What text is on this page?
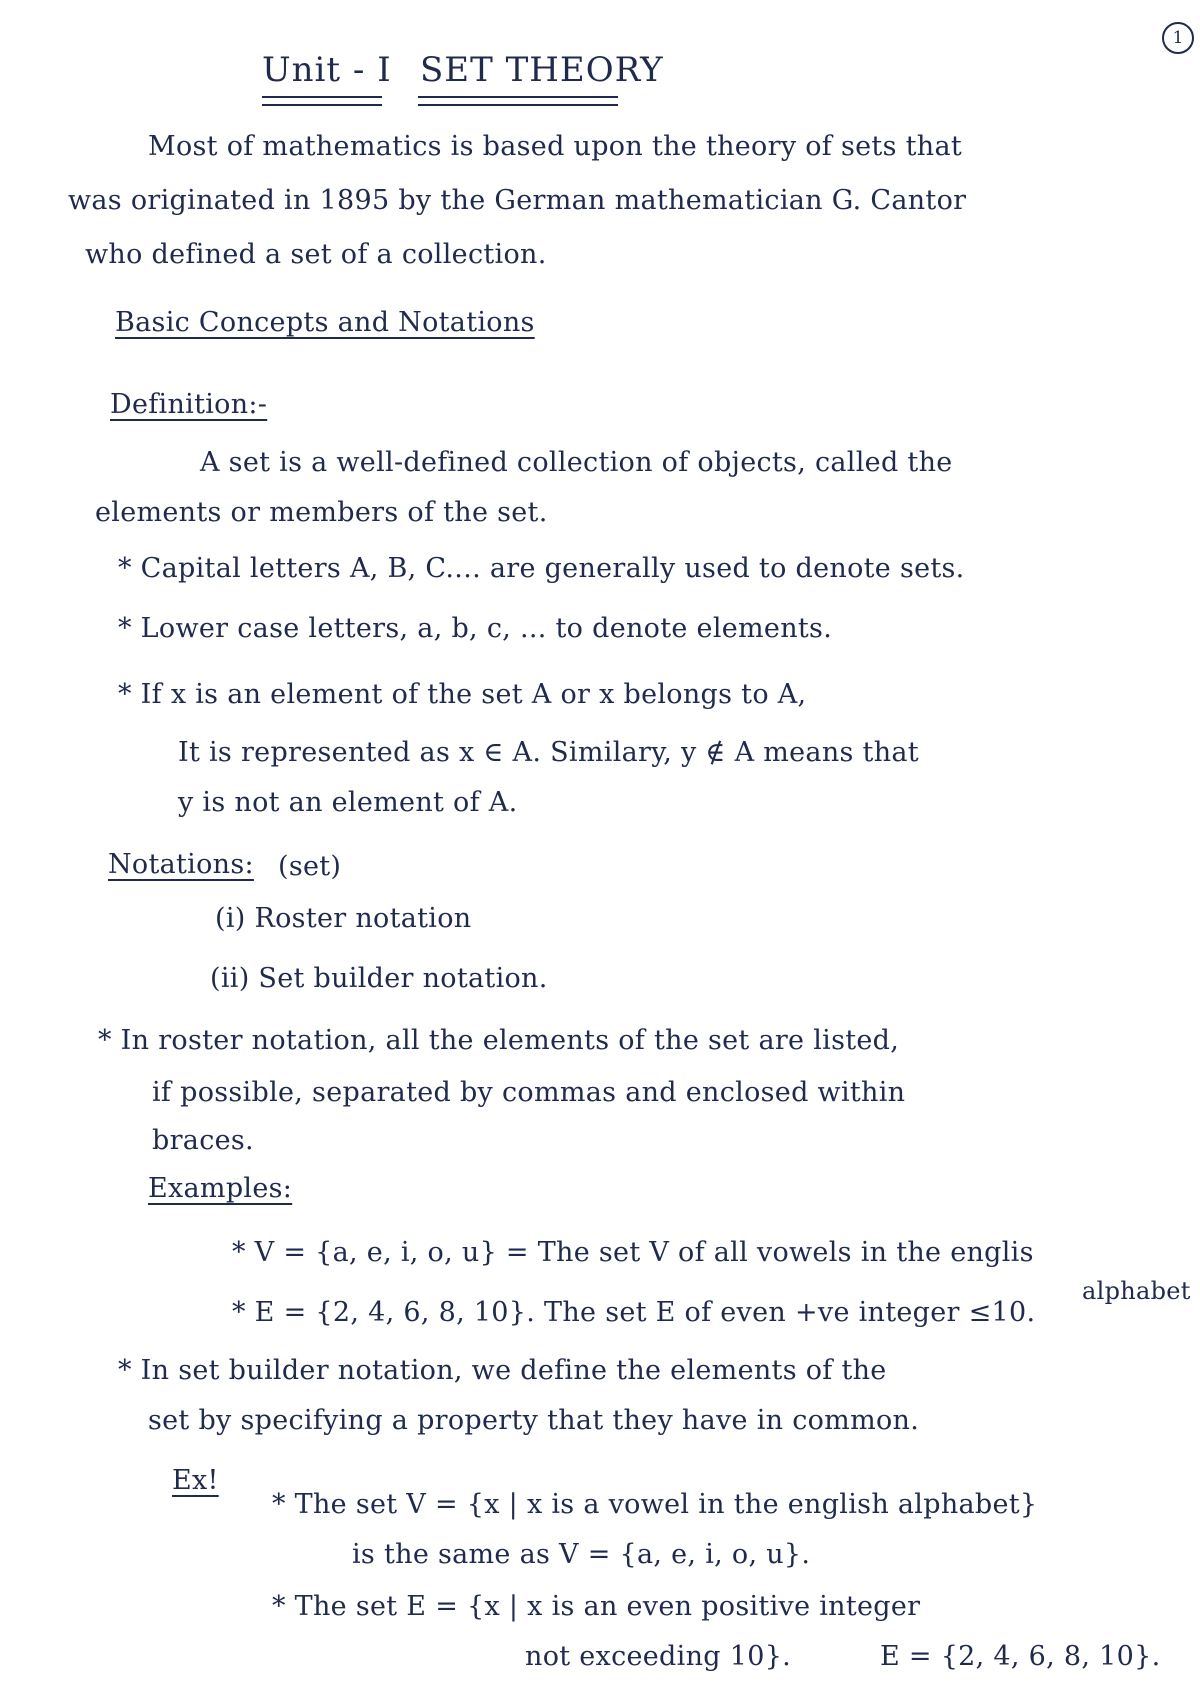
1
Unit - I SET THEORY
Most of mathematics is based upon the theory of sets that
was originated in 1895 by the German mathematician G. Cantor
who defined a set of a collection.
Basic Concepts and Notations
Definition:-
A set is a well-defined collection of objects, called the
elements or members of the set.
* Capital letters A, B, C.... are generally used to denote sets.
* Lower case letters, a, b, c, ... to denote elements.
* If x is an element of the set A or x belongs to A,
It is represented as x ∈ A. Similary, y ∉ A means that
y is not an element of A.
Notations: (set)
(i) Roster notation
(ii) Set builder notation.
* In roster notation, all the elements of the set are listed,
if possible, separated by commas and enclosed within
braces.
Examples:
* V = {a, e, i, o, u} = The set V of all vowels in the englis
alphabet
* E = {2, 4, 6, 8, 10}. The set E of even +ve integer ≤10.
* In set builder notation, we define the elements of the
set by specifying a property that they have in common.
Ex!
* The set V = {x | x is a vowel in the english alphabet}
is the same as V = {a, e, i, o, u}.
* The set E = {x | x is an even positive integer
not exceeding 10}.	E = {2, 4, 6, 8, 10}.
